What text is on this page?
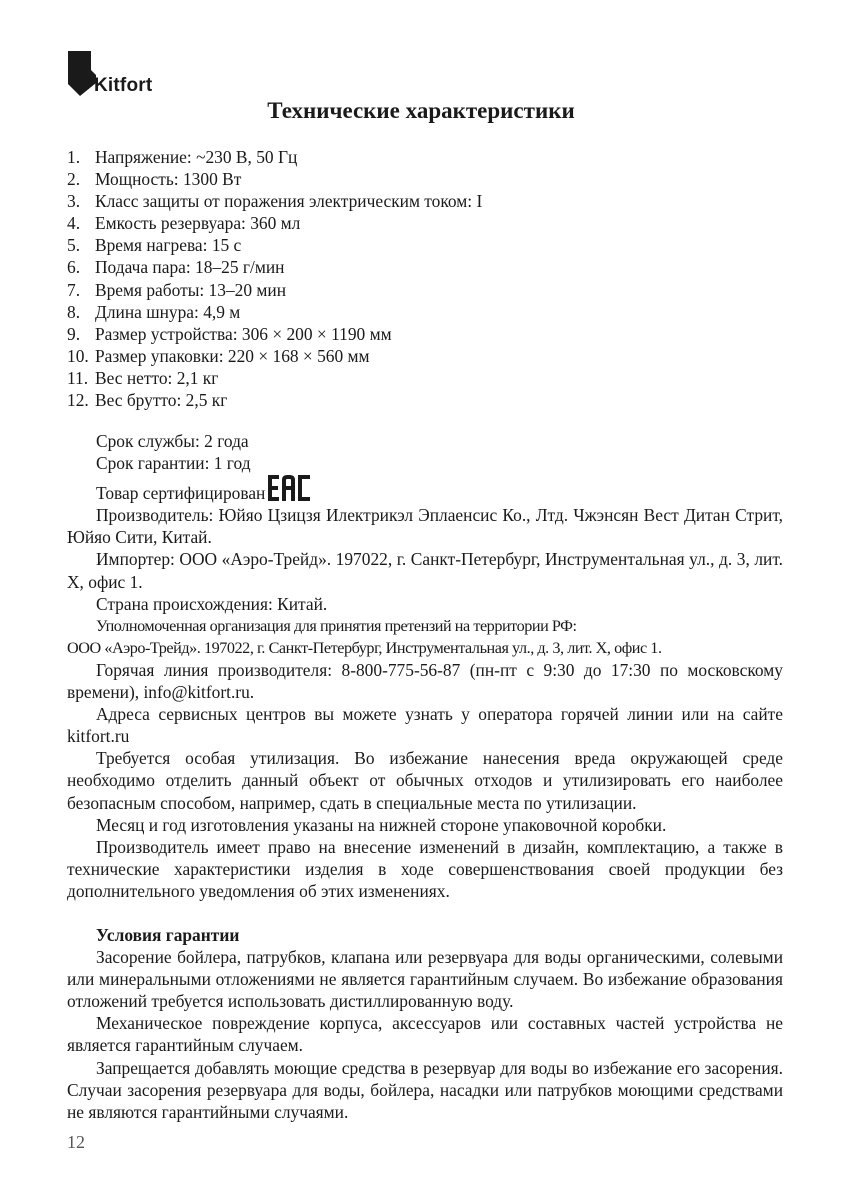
Kitfort
Технические характеристики
1. Напряжение: ~230 В, 50 Гц
2. Мощность: 1300 Вт
3. Класс защиты от поражения электрическим током: I
4. Емкость резервуара: 360 мл
5. Время нагрева: 15 с
6. Подача пара: 18–25 г/мин
7. Время работы: 13–20 мин
8. Длина шнура: 4,9 м
9. Размер устройства: 306 × 200 × 1190 мм
10. Размер упаковки: 220 × 168 × 560 мм
11. Вес нетто: 2,1 кг
12. Вес брутто: 2,5 кг

Срок службы: 2 года

Срок гарантии: 1 год

Товар сертифицирован

Производитель: Юйяо Цзицзя Илектрикэл Эплаенсис Ко., Лтд. Чжэнсян Вест Дитан Стрит, Юйяо Сити, Китай.

Импортер: ООО «Аэро-Трейд». 197022, г. Санкт-Петербург, Инструментальная ул., д. 3, лит. Х, офис 1.

Страна происхождения: Китай.

Уполномоченная организация для принятия претензий на территории РФ:

ООО «Аэро-Трейд». 197022, г. Санкт-Петербург, Инструментальная ул., д. 3, лит. Х, офис 1.

Горячая линия производителя: 8-800-775-56-87 (пн-пт с 9:30 до 17:30 по московскому времени), info@kitfort.ru.

Адреса сервисных центров вы можете узнать у оператора горячей линии или на сайте kitfort.ru

Требуется особая утилизация. Во избежание нанесения вреда окружающей среде необходимо отделить данный объект от обычных отходов и утилизировать его наиболее безопасным способом, например, сдать в специальные места по утилизации.

Месяц и год изготовления указаны на нижней стороне упаковочной коробки.

Производитель имеет право на внесение изменений в дизайн, комплектацию, а также в технические характеристики изделия в ходе совершенствования своей продукции без дополнительного уведомления об этих изменениях.

Условия гарантии

Засорение бойлера, патрубков, клапана или резервуара для воды органическими, солевыми или минеральными отложениями не является гарантийным случаем. Во избежание образования отложений требуется использовать дистиллированную воду.

Механическое повреждение корпуса, аксессуаров или составных частей устройства не является гарантийным случаем.

Запрещается добавлять моющие средства в резервуар для воды во избежание его засорения. Случаи засорения резервуара для воды, бойлера, насадки или патрубков моющими средствами не являются гарантийными случаями.

12
